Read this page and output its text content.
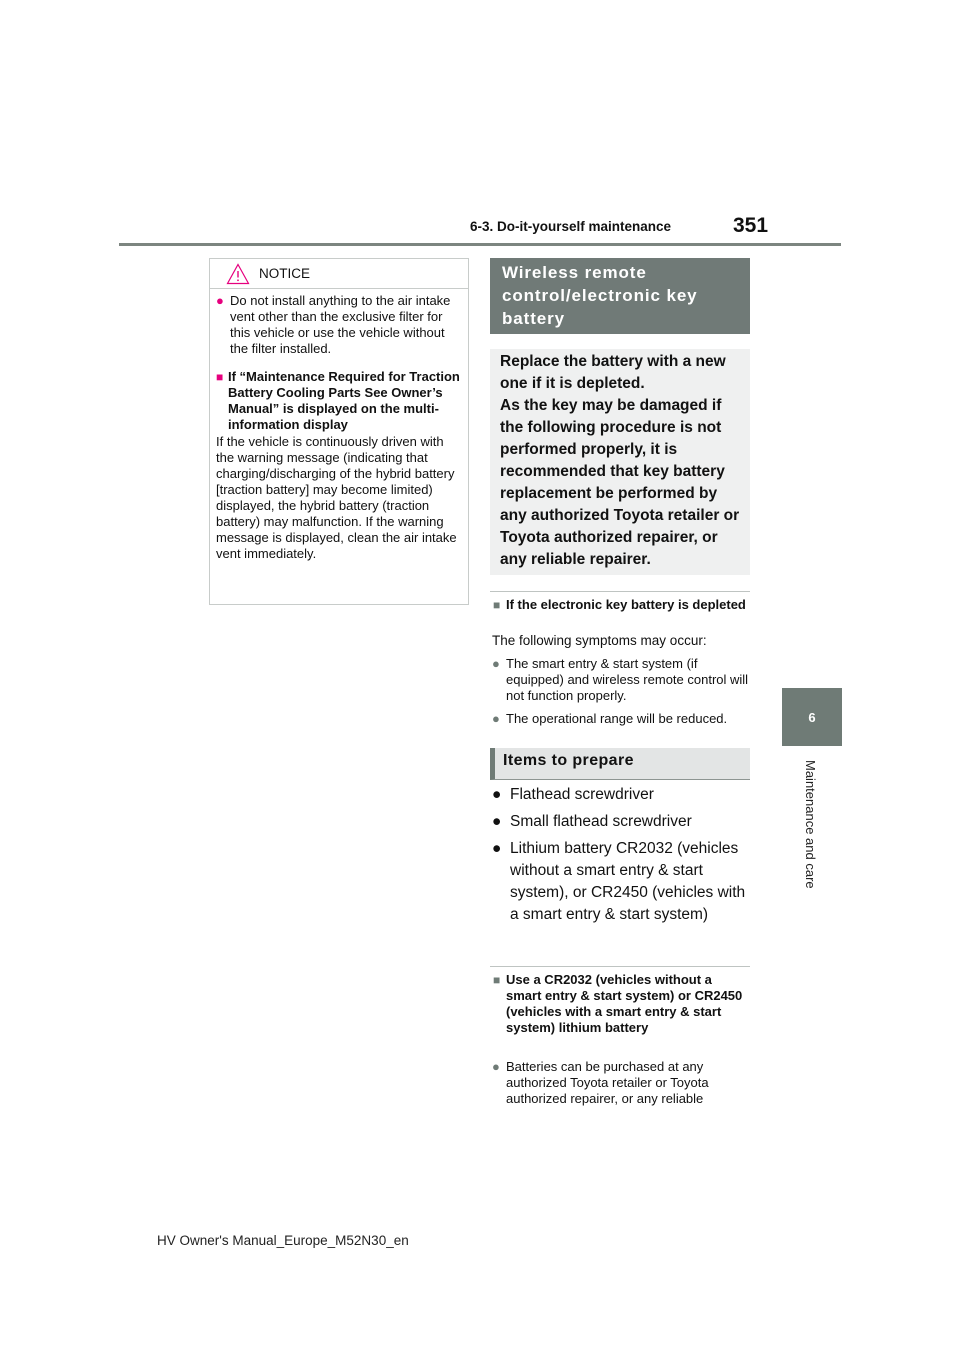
6-3. Do-it-yourself maintenance	351
6
Maintenance and care
NOTICE
● Do not install anything to the air intake vent other than the exclusive filter for this vehicle or use the vehicle without the filter installed.
■ If “Maintenance Required for Traction Battery Cooling Parts See Owner’s Manual” is displayed on the multi-information display
If the vehicle is continuously driven with the warning message (indicating that charging/discharging of the hybrid battery [traction battery] may become limited) displayed, the hybrid battery (traction battery) may malfunction. If the warning message is displayed, clean the air intake vent immediately.
Wireless remote control/electronic key battery
Replace the battery with a new one if it is depleted.
As the key may be damaged if the following procedure is not performed properly, it is recommended that key battery replacement be performed by any authorized Toyota retailer or Toyota authorized repairer, or any reliable repairer.
■ If the electronic key battery is depleted
The following symptoms may occur:
● The smart entry & start system (if equipped) and wireless remote control will not function properly.
● The operational range will be reduced.
Items to prepare
● Flathead screwdriver
● Small flathead screwdriver
● Lithium battery CR2032 (vehicles without a smart entry & start system), or CR2450 (vehicles with a smart entry & start system)
■ Use a CR2032 (vehicles without a smart entry & start system) or CR2450 (vehicles with a smart entry & start system) lithium battery
● Batteries can be purchased at any authorized Toyota retailer or Toyota authorized repairer, or any reliable
HV Owner's Manual_Europe_M52N30_en
